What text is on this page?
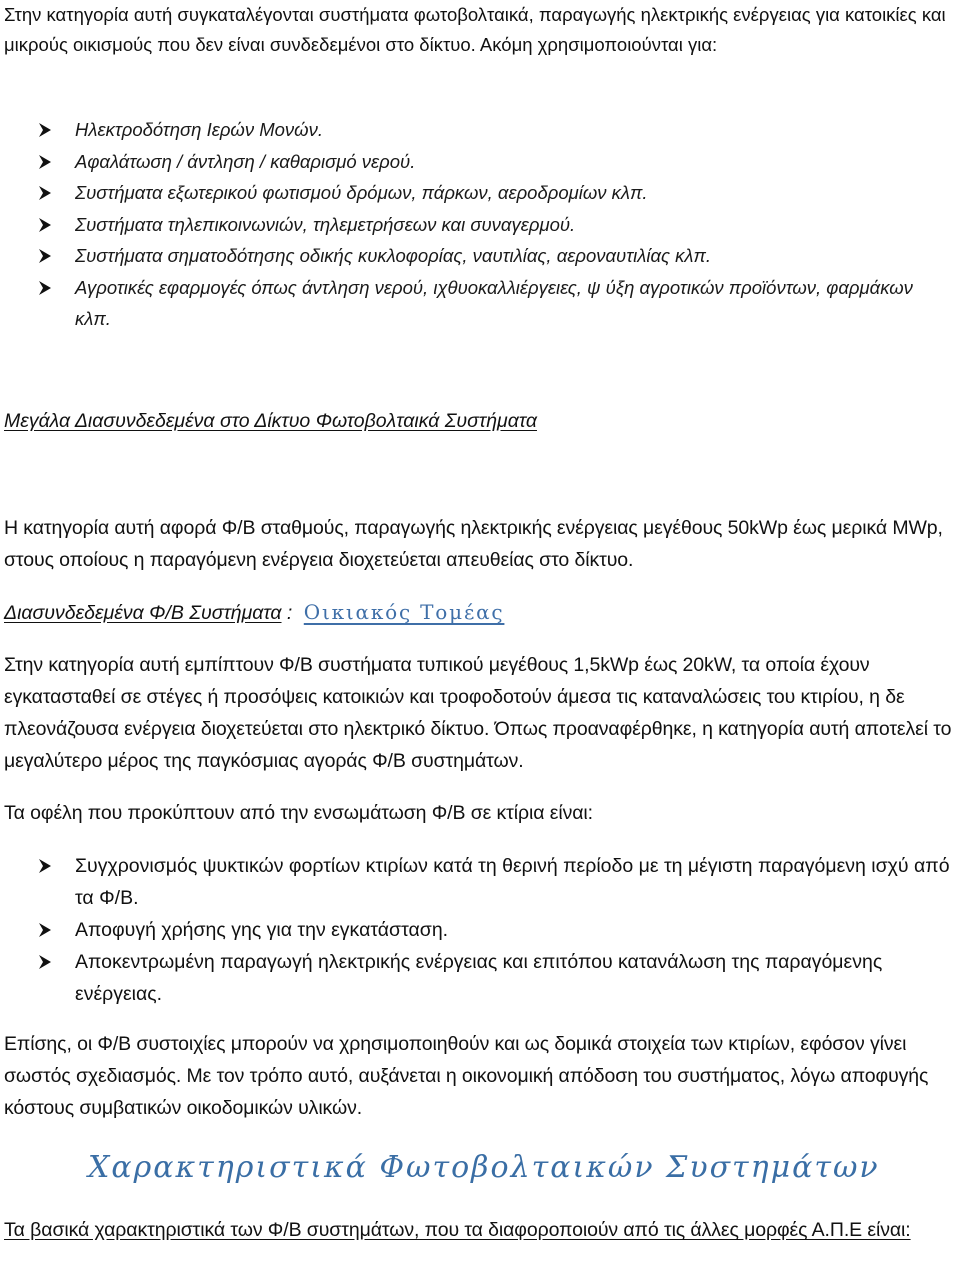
Στην κατηγορία αυτή συγκαταλέγονται συστήματα φωτοβολταικά, παραγωγής ηλεκτρικής ενέργειας για κατοικίες και μικρούς οικισμούς που δεν είναι συνδεδεμένοι στο δίκτυο. Ακόμη χρησιμοποιούνται για:

Ηλεκτροδότηση Ιερών Μονών.
Αφαλάτωση / άντληση / καθαρισμό νερού.
Συστήματα εξωτερικού φωτισμού δρόμων, πάρκων, αεροδρομίων κλπ.
Συστήματα τηλεπικοινωνιών, τηλεμετρήσεων και συναγερμού.
Συστήματα σηματοδότησης οδικής κυκλοφορίας, ναυτιλίας, αεροναυτιλίας κλπ.
Αγροτικές εφαρμογές όπως άντληση νερού, ιχθυοκαλλιέργειες, ψ ύξη αγροτικών προϊόντων, φαρμάκων κλπ.

Μεγάλα Διασυνδεδεμένα στο Δίκτυο Φωτοβολταικά Συστήματα

Η κατηγορία αυτή αφορά Φ/Β σταθμούς, παραγωγής ηλεκτρικής ενέργειας μεγέθους 50kWp έως μερικά MWp, στους οποίους η παραγόμενη ενέργεια διοχετεύεται απευθείας στο δίκτυο.

Διασυνδεδεμένα Φ/Β Συστήματα : Οικιακός Τομέας

Στην κατηγορία αυτή εμπίπτουν Φ/Β συστήματα τυπικού μεγέθους 1,5kWp έως 20kW, τα οποία έχουν εγκατασταθεί σε στέγες ή προσόψεις κατοικιών και τροφοδοτούν άμεσα τις καταναλώσεις του κτιρίου, η δε πλεονάζουσα ενέργεια διοχετεύεται στο ηλεκτρικό δίκτυο. Όπως προαναφέρθηκε, η κατηγορία αυτή αποτελεί το μεγαλύτερο μέρος της παγκόσμιας αγοράς Φ/Β συστημάτων.

Τα οφέλη που προκύπτουν από την ενσωμάτωση Φ/Β σε κτίρια είναι:

Συγχρονισμός ψυκτικών φορτίων κτιρίων κατά τη θερινή περίοδο με τη μέγιστη παραγόμενη ισχύ από τα Φ/Β.
Αποφυγή χρήσης γης για την εγκατάσταση.
Αποκεντρωμένη παραγωγή ηλεκτρικής ενέργειας και επιτόπου κατανάλωση της παραγόμενης ενέργειας.

Επίσης, οι Φ/Β συστοιχίες μπορούν να χρησιμοποιηθούν και ως δομικά στοιχεία των κτιρίων, εφόσον γίνει σωστός σχεδιασμός. Με τον τρόπο αυτό, αυξάνεται η οικονομική απόδοση του συστήματος, λόγω αποφυγής κόστους συμβατικών οικοδομικών υλικών.

Χαρακτηριστικά Φωτοβολταικών Συστημάτων

Τα βασικά χαρακτηριστικά των Φ/Β συστημάτων, που τα διαφοροποιούν από τις άλλες μορφές Α.Π.Ε είναι:
